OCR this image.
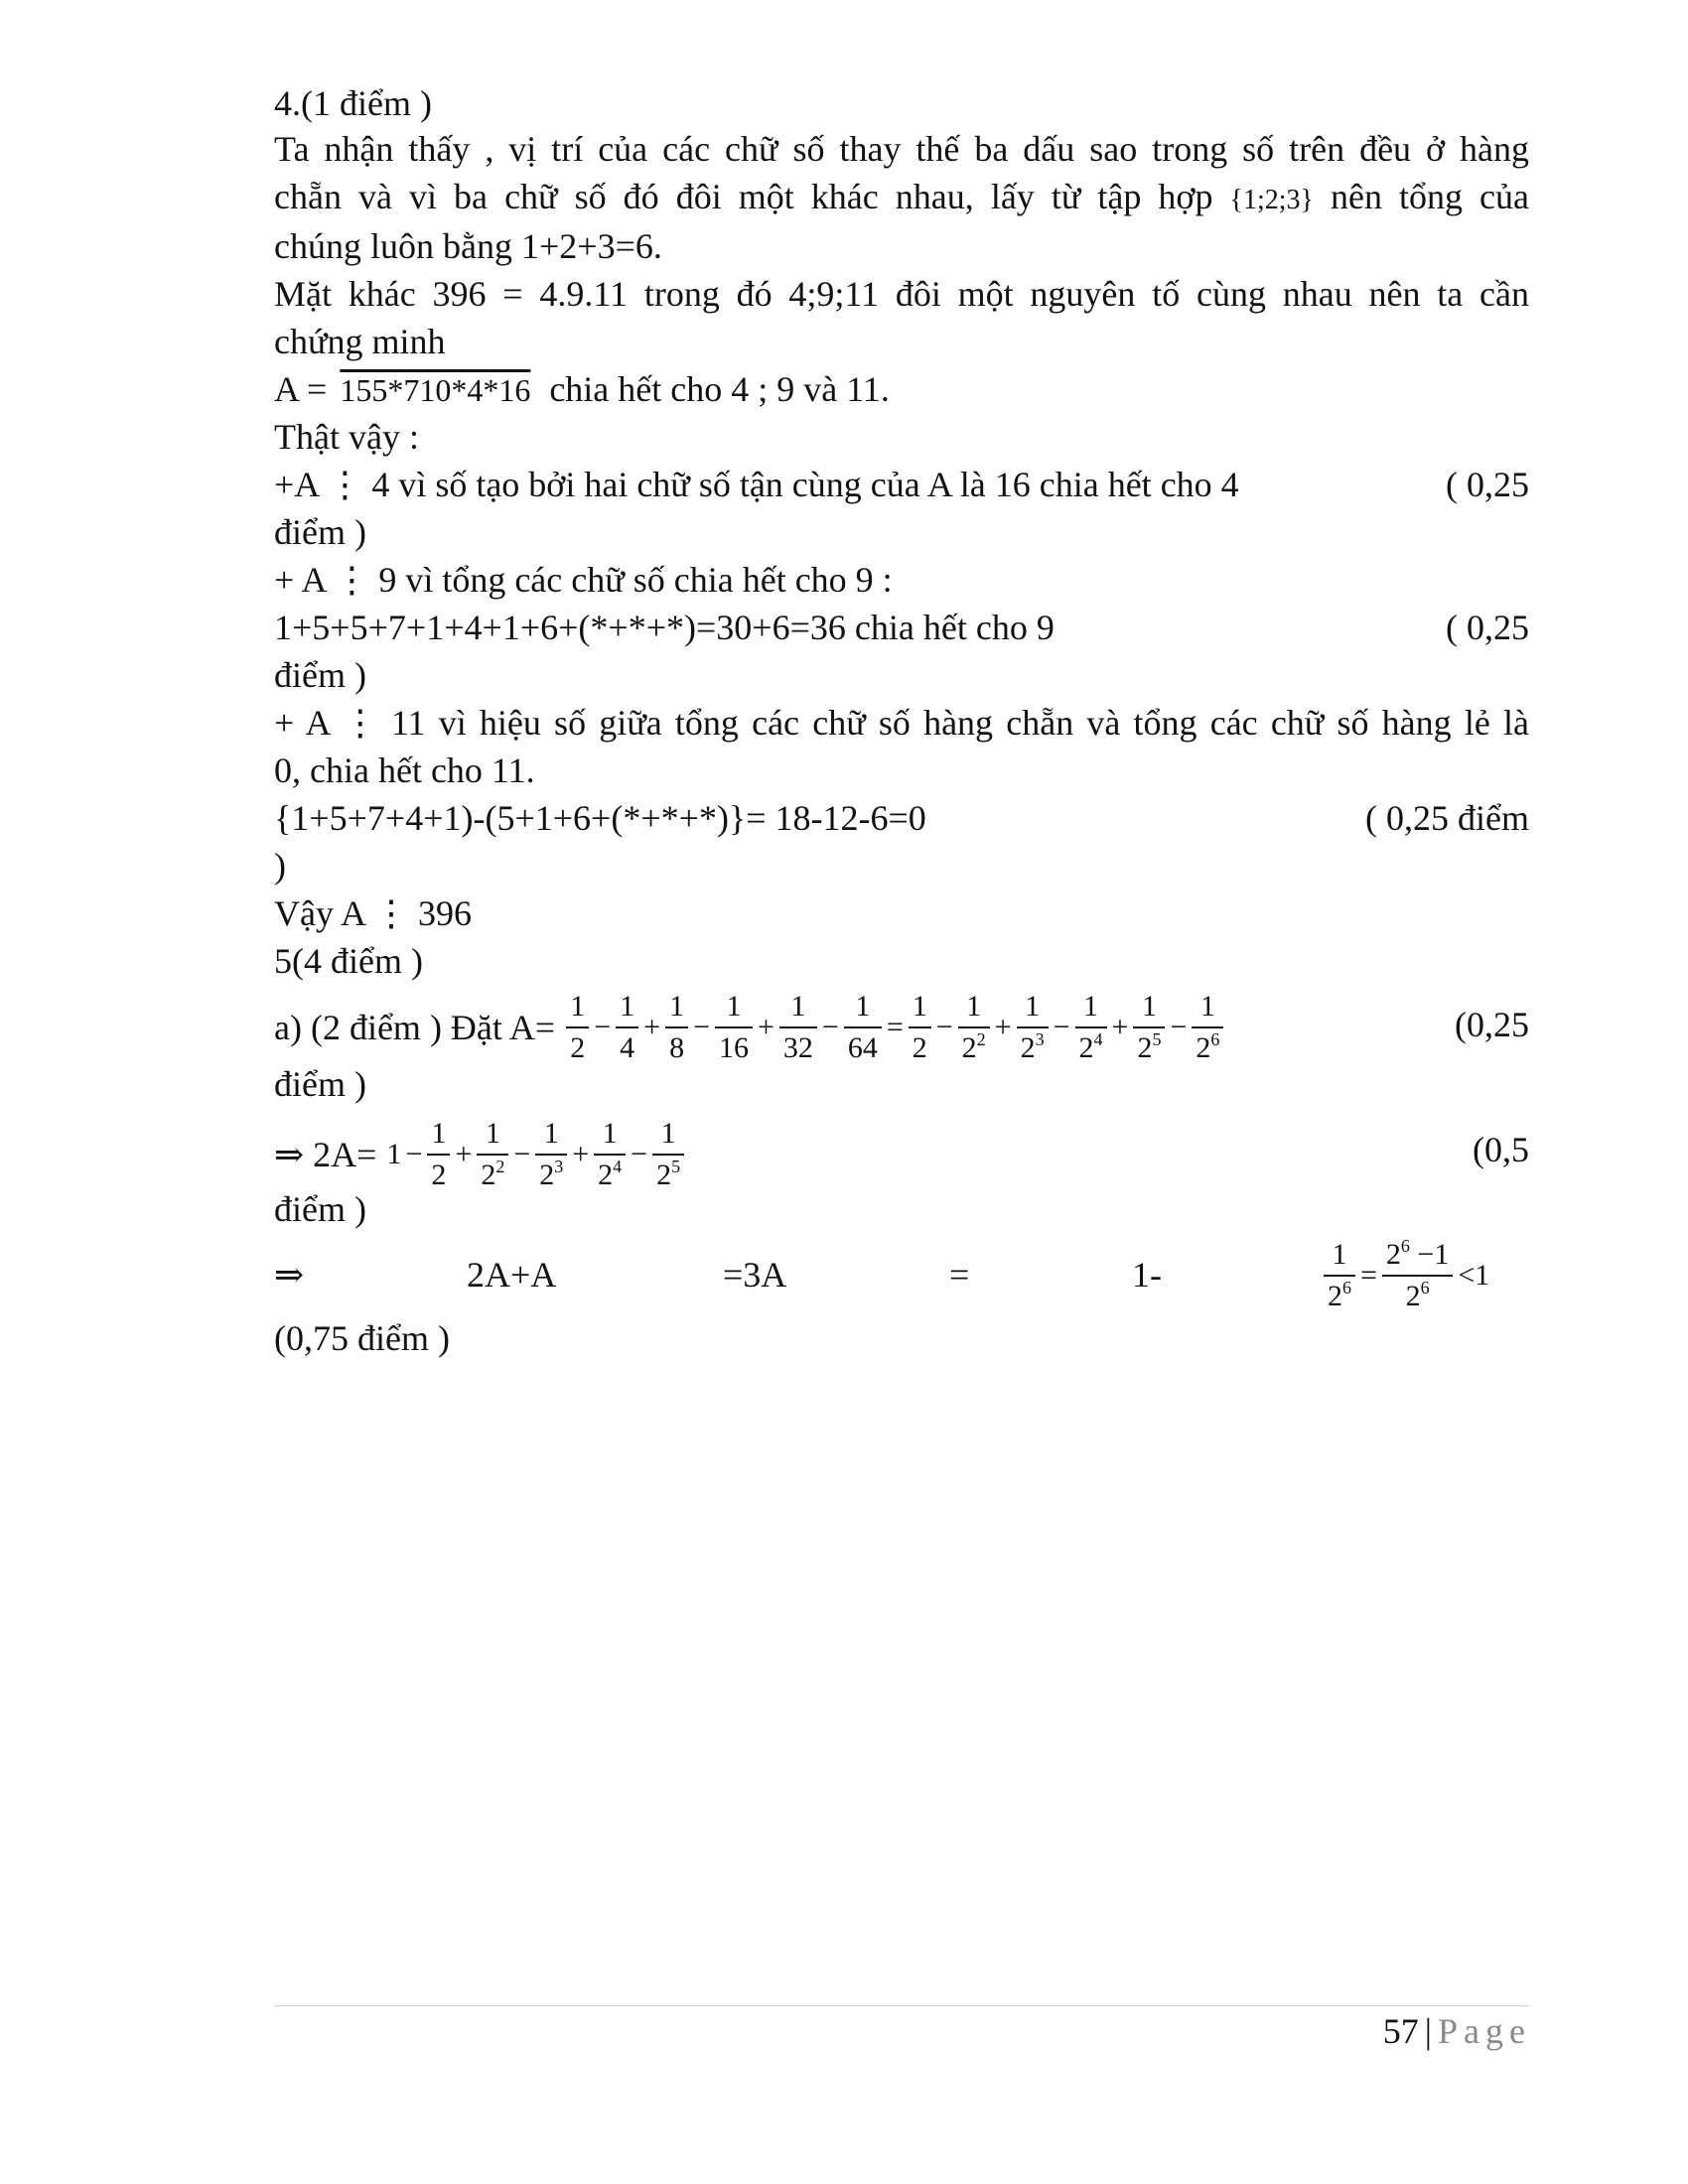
4.(1 điểm )
Ta nhận thấy , vị trí của các chữ số thay thế ba dấu sao trong số trên đều ở hàng
chẵn và vì ba chữ số đó đôi một khác nhau, lấy từ tập hợp {1;2;3} nên tổng của
chúng luôn bằng 1+2+3=6.
Mặt khác 396 = 4.9.11 trong đó 4;9;11 đôi một nguyên tố cùng nhau nên ta cần
chứng minh
A = 155*710*4*16 chia hết cho 4 ; 9 và 11.
Thật vậy :
+A ⋮ 4 vì số tạo bởi hai chữ số tận cùng của A là 16 chia hết cho 4	( 0,25
điểm )
+ A ⋮ 9 vì tổng các chữ số chia hết cho 9 :
1+5+5+7+1+4+1+6+(*+*+*)=30+6=36 chia hết cho 9	( 0,25
điểm )
+ A ⋮ 11 vì hiệu số giữa tổng các chữ số hàng chẵn và tổng các chữ số hàng lẻ là
0, chia hết cho 11.
{1+5+7+4+1)-(5+1+6+(*+*+*)}= 18-12-6=0	( 0,25 điểm
)
Vậy A ⋮ 396
5(4 điểm )
a) (2 điểm ) Đặt $A= \frac{1}{2} - \frac{1}{4} + \frac{1}{8} - \frac{1}{16} + \frac{1}{32} - \frac{1}{64} = \frac{1}{2} - \frac{1}{2^2} + \frac{1}{2^3} - \frac{1}{2^4} + \frac{1}{2^5} - \frac{1}{2^6}$	(0,25
điểm )
⇒ $2A= 1 - \frac{1}{2} + \frac{1}{2^2} - \frac{1}{2^3} + \frac{1}{2^4} - \frac{1}{2^5}$	(0,5
điểm )
⇒	2A+A	=3A	=	1-	$\frac{1}{2^6} = \frac{2^6 -1}{2^6} <1$
(0,75 điểm )
57 | Page
